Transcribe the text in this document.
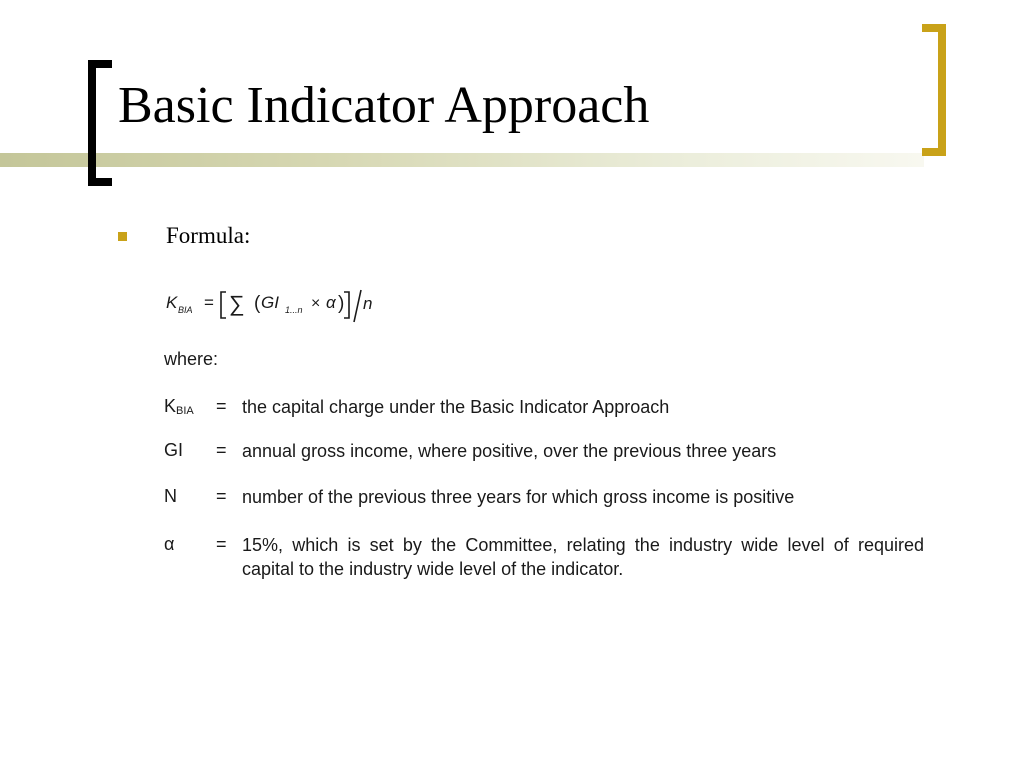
Basic Indicator Approach
Formula:
K BIA = ∑ ( GI 1...n × α ) n
where:
$K_{BIA}$ = the capital charge under the Basic Indicator Approach
GI = annual gross income, where positive, over the previous three years
N = number of the previous three years for which gross income is positive
α = 15%, which is set by the Committee, relating the industry wide level of required capital to the industry wide level of the indicator.
